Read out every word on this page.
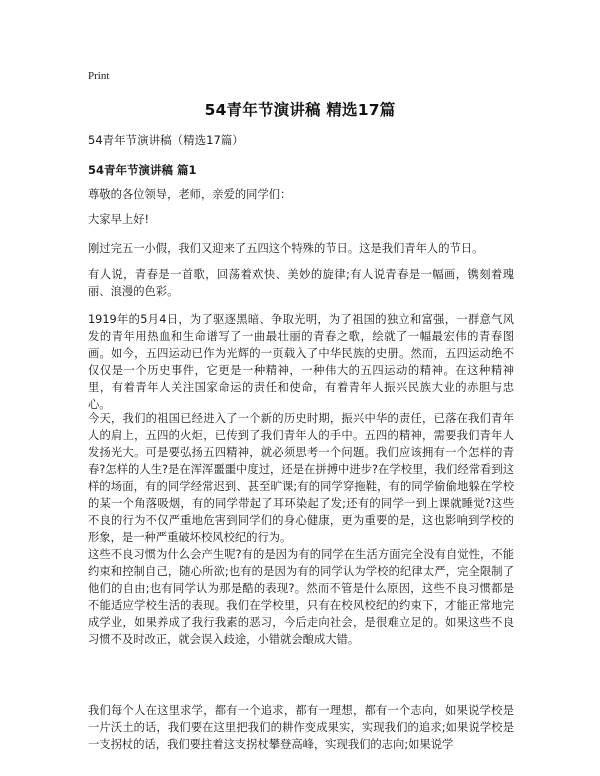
Print
54青年节演讲稿 精选17篇
54青年节演讲稿（精选17篇）
54青年节演讲稿 篇1

尊敬的各位领导，老师，亲爱的同学们：

大家早上好!

刚过完五一小假，我们又迎来了五四这个特殊的节日。这是我们青年人的节日。

有人说，青春是一首歌，回荡着欢快、美妙的旋律;有人说青春是一幅画，镌刻着瑰丽、浪漫的色彩。

1919年的5月4日，为了驱逐黑暗、争取光明，为了祖国的独立和富强，一群意气风发的青年用热血和生命谱写了一曲最壮丽的青春之歌，绘就了一幅最宏伟的青春图画。如今，五四运动已作为光辉的一页载入了中华民族的史册。然而，五四运动绝不仅仅是一个历史事件，它更是一种精神，一种伟大的五四运动的精神。在这种精神里，有着青年人关注国家命运的责任和使命，有着青年人振兴民族大业的赤胆与忠心。

今天，我们的祖国已经进入了一个新的历史时期，振兴中华的责任，已落在我们青年人的肩上，五四的火炬，已传到了我们青年人的手中。五四的精神，需要我们青年人发扬光大。可是要弘扬五四精神，就必须思考一个问题。我们应该拥有一个怎样的青春?怎样的人生?是在浑浑噩噩中度过，还是在拼搏中进步?在学校里，我们经常看到这样的场面，有的同学经常迟到、甚至旷课;有的同学穿拖鞋，有的同学偷偷地躲在学校的某一个角落吸烟，有的同学带起了耳环染起了发;还有的同学一到上课就睡觉?这些不良的行为不仅严重地危害到同学们的身心健康，更为重要的是，这也影响到学校的形象，是一种严重破坏校风校纪的行为。

这些不良习惯为什么会产生呢?有的是因为有的同学在生活方面完全没有自觉性，不能约束和控制自己，随心所欲;也有的是因为有的同学认为学校的纪律太严，完全限制了他们的自由;也有同学认为那是酷的表现?。然而不管是什么原因，这些不良习惯都是不能适应学校生活的表现。我们在学校里，只有在校风校纪的约束下，才能正常地完成学业，如果养成了我行我素的恶习，今后走向社会，是很难立足的。如果这些不良习惯不及时改正，就会误入歧途，小错就会酿成大错。

我们每个人在这里求学，都有一个追求，都有一理想，都有一个志向，如果说学校是一片沃土的话，我们要在这里把我们的耕作变成果实，实现我们的追求;如果说学校是一支拐杖的话，我们要拄着这支拐杖攀登高峰，实现我们的志向;如果说学
